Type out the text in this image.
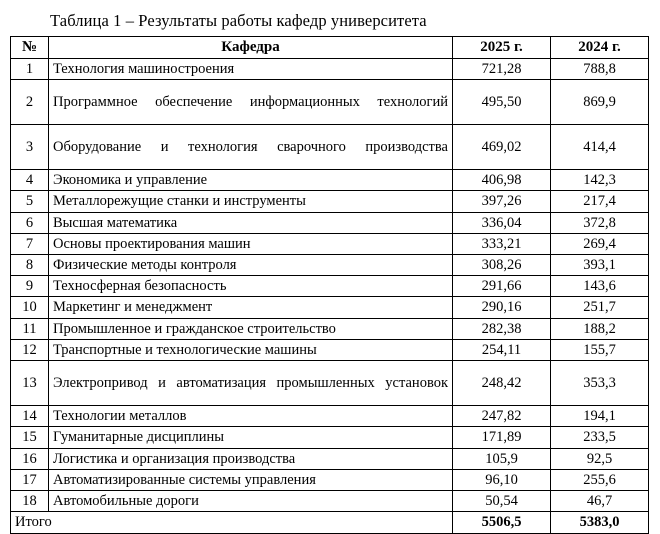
Таблица 1 – Результаты работы кафедр университета
№	Кафедра	2025 г.	2024 г.
1	Технология машиностроения	721,28	788,8
2	Программное обеспечение информационных технологий	495,50	869,9
3	Оборудование и технология сварочного производства	469,02	414,4
4	Экономика и управление	406,98	142,3
5	Металлорежущие станки и инструменты	397,26	217,4
6	Высшая математика	336,04	372,8
7	Основы проектирования машин	333,21	269,4
8	Физические методы контроля	308,26	393,1
9	Техносферная безопасность	291,66	143,6
10	Маркетинг и менеджмент	290,16	251,7
11	Промышленное и гражданское строительство	282,38	188,2
12	Транспортные и технологические машины	254,11	155,7
13	Электропривод и автоматизация промышленных установок	248,42	353,3
14	Технологии металлов	247,82	194,1
15	Гуманитарные дисциплины	171,89	233,5
16	Логистика и организация производства	105,9	92,5
17	Автоматизированные системы управления	96,10	255,6
18	Автомобильные дороги	50,54	46,7
Итого		5506,5	5383,0
